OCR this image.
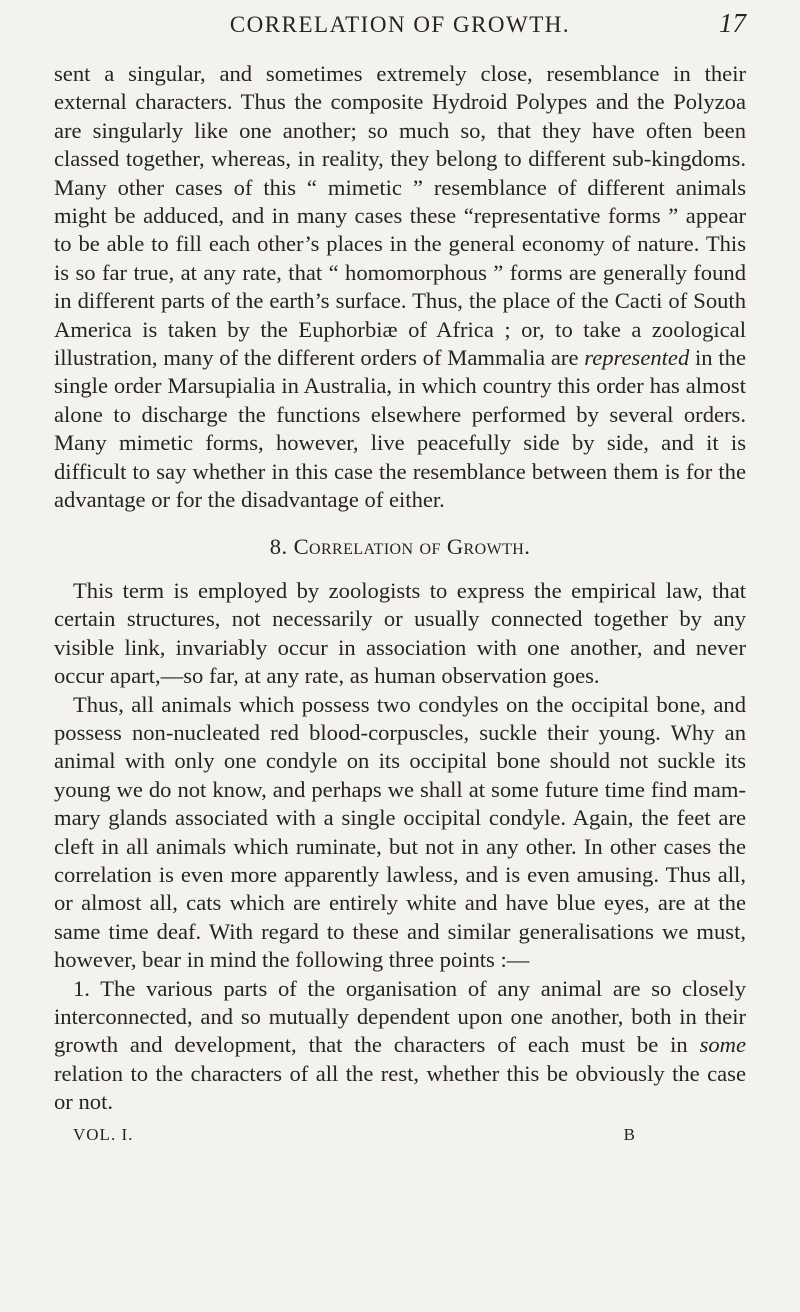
CORRELATION OF GROWTH.	17

sent a singular, and sometimes extremely close, resemblance in their external characters. Thus the composite Hydroid Polypes and the Polyzoa are singularly like one another; so much so, that they have often been classed together, whereas, in reality, they belong to different sub-kingdoms. Many other cases of this “ mimetic ” resemblance of different animals might be adduced, and in many cases these “representative forms ” appear to be able to fill each other’s places in the general economy of nature. This is so far true, at any rate, that “ homomorphous ” forms are generally found in different parts of the earth’s surface. Thus, the place of the Cacti of South America is taken by the Euphorbiæ of Africa ; or, to take a zoological illustration, many of the different orders of Mammalia are represented in the single order Marsupialia in Australia, in which country this order has almost alone to discharge the functions elsewhere performed by several orders. Many mimetic forms, however, live peacefully side by side, and it is difficult to say whether in this case the resemblance between them is for the advantage or for the disadvantage of either.

8. Correlation of Growth.

This term is employed by zoologists to express the empirical law, that certain structures, not necessarily or usually connected together by any visible link, invariably occur in association with one another, and never occur apart,—so far, at any rate, as human observation goes.

Thus, all animals which possess two condyles on the occipital bone, and possess non-nucleated red blood-corpuscles, suckle their young. Why an animal with only one condyle on its occipital bone should not suckle its young we do not know, and perhaps we shall at some future time find mammary glands associated with a single occipital condyle. Again, the feet are cleft in all animals which ruminate, but not in any other. In other cases the correlation is even more apparently lawless, and is even amusing. Thus all, or almost all, cats which are entirely white and have blue eyes, are at the same time deaf. With regard to these and similar generalisations we must, however, bear in mind the following three points :—

1. The various parts of the organisation of any animal are so closely interconnected, and so mutually dependent upon one another, both in their growth and development, that the characters of each must be in some relation to the characters of all the rest, whether this be obviously the case or not.

VOL. I.	B
